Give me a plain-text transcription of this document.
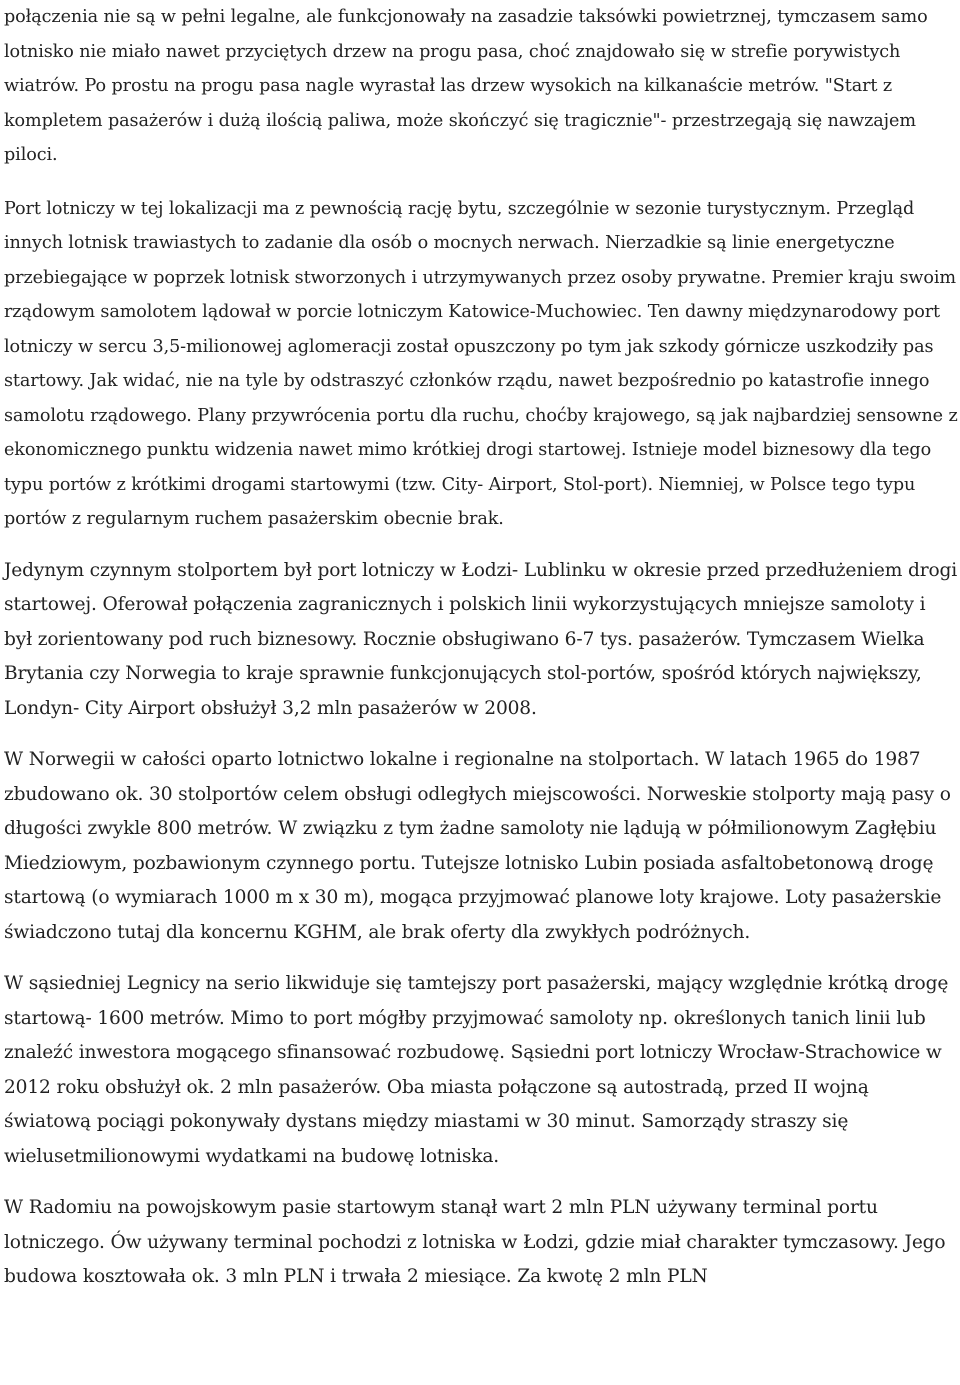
połączenia nie są w pełni legalne, ale funkcjonowały na zasadzie taksówki powietrznej, tymczasem samo lotnisko nie miało nawet przyciętych drzew na progu pasa, choć znajdowało się w strefie porywistych wiatrów. Po prostu na progu pasa nagle wyrastał las drzew wysokich na kilkanaście metrów. "Start z kompletem pasażerów i dużą ilością paliwa, może skończyć się tragicznie"- przestrzegają się nawzajem piloci.

Port lotniczy w tej lokalizacji ma z pewnością rację bytu, szczególnie w sezonie turystycznym. Przegląd innych lotnisk trawiastych to zadanie dla osób o mocnych nerwach. Nierzadkie są linie energetyczne przebiegające w poprzek lotnisk stworzonych i utrzymywanych przez osoby prywatne. Premier kraju swoim rządowym samolotem lądował w porcie lotniczym Katowice-Muchowiec. Ten dawny międzynarodowy port lotniczy w sercu 3,5-milionowej aglomeracji został opuszczony po tym jak szkody górnicze uszkodziły pas startowy. Jak widać, nie na tyle by odstraszyć członków rządu, nawet bezpośrednio po katastrofie innego samolotu rządowego. Plany przywrócenia portu dla ruchu, choćby krajowego, są jak najbardziej sensowne z ekonomicznego punktu widzenia nawet mimo krótkiej drogi startowej. Istnieje model biznesowy dla tego typu portów z krótkimi drogami startowymi (tzw. City- Airport, Stol-port). Niemniej, w Polsce tego typu portów z regularnym ruchem pasażerskim obecnie brak.

Jedynym czynnym stolportem był port lotniczy w Łodzi- Lublinku w okresie przed przedłużeniem drogi startowej. Oferował połączenia zagranicznych i polskich linii wykorzystujących mniejsze samoloty i był zorientowany pod ruch biznesowy. Rocznie obsługiwano 6-7 tys. pasażerów. Tymczasem Wielka Brytania czy Norwegia to kraje sprawnie funkcjonujących stol-portów, spośród których największy, Londyn- City Airport obsłużył 3,2 mln pasażerów w 2008.

W Norwegii w całości oparto lotnictwo lokalne i regionalne na stolportach. W latach 1965 do 1987 zbudowano ok. 30 stolportów celem obsługi odległych miejscowości. Norweskie stolporty mają pasy o długości zwykle 800 metrów. W związku z tym żadne samoloty nie lądują w półmilionowym Zagłębiu Miedziowym, pozbawionym czynnego portu. Tutejsze lotnisko Lubin posiada asfaltobetonową drogę startową (o wymiarach 1000 m x 30 m), mogąca przyjmować planowe loty krajowe. Loty pasażerskie świadczono tutaj dla koncernu KGHM, ale brak oferty dla zwykłych podróżnych.

W sąsiedniej Legnicy na serio likwiduje się tamtejszy port pasażerski, mający względnie krótką drogę startową- 1600 metrów. Mimo to port mógłby przyjmować samoloty np. określonych tanich linii lub znaleźć inwestora mogącego sfinansować rozbudowę. Sąsiedni port lotniczy Wrocław-Strachowice w 2012 roku obsłużył ok. 2 mln pasażerów. Oba miasta połączone są autostradą, przed II wojną światową pociągi pokonywały dystans między miastami w 30 minut. Samorządy straszy się wielusetmilionowymi wydatkami na budowę lotniska.

W Radomiu na powojskowym pasie startowym stanął wart 2 mln PLN używany terminal portu lotniczego. Ów używany terminal pochodzi z lotniska w Łodzi, gdzie miał charakter tymczasowy. Jego budowa kosztowała ok. 3 mln PLN i trwała 2 miesiące. Za kwotę 2 mln PLN
